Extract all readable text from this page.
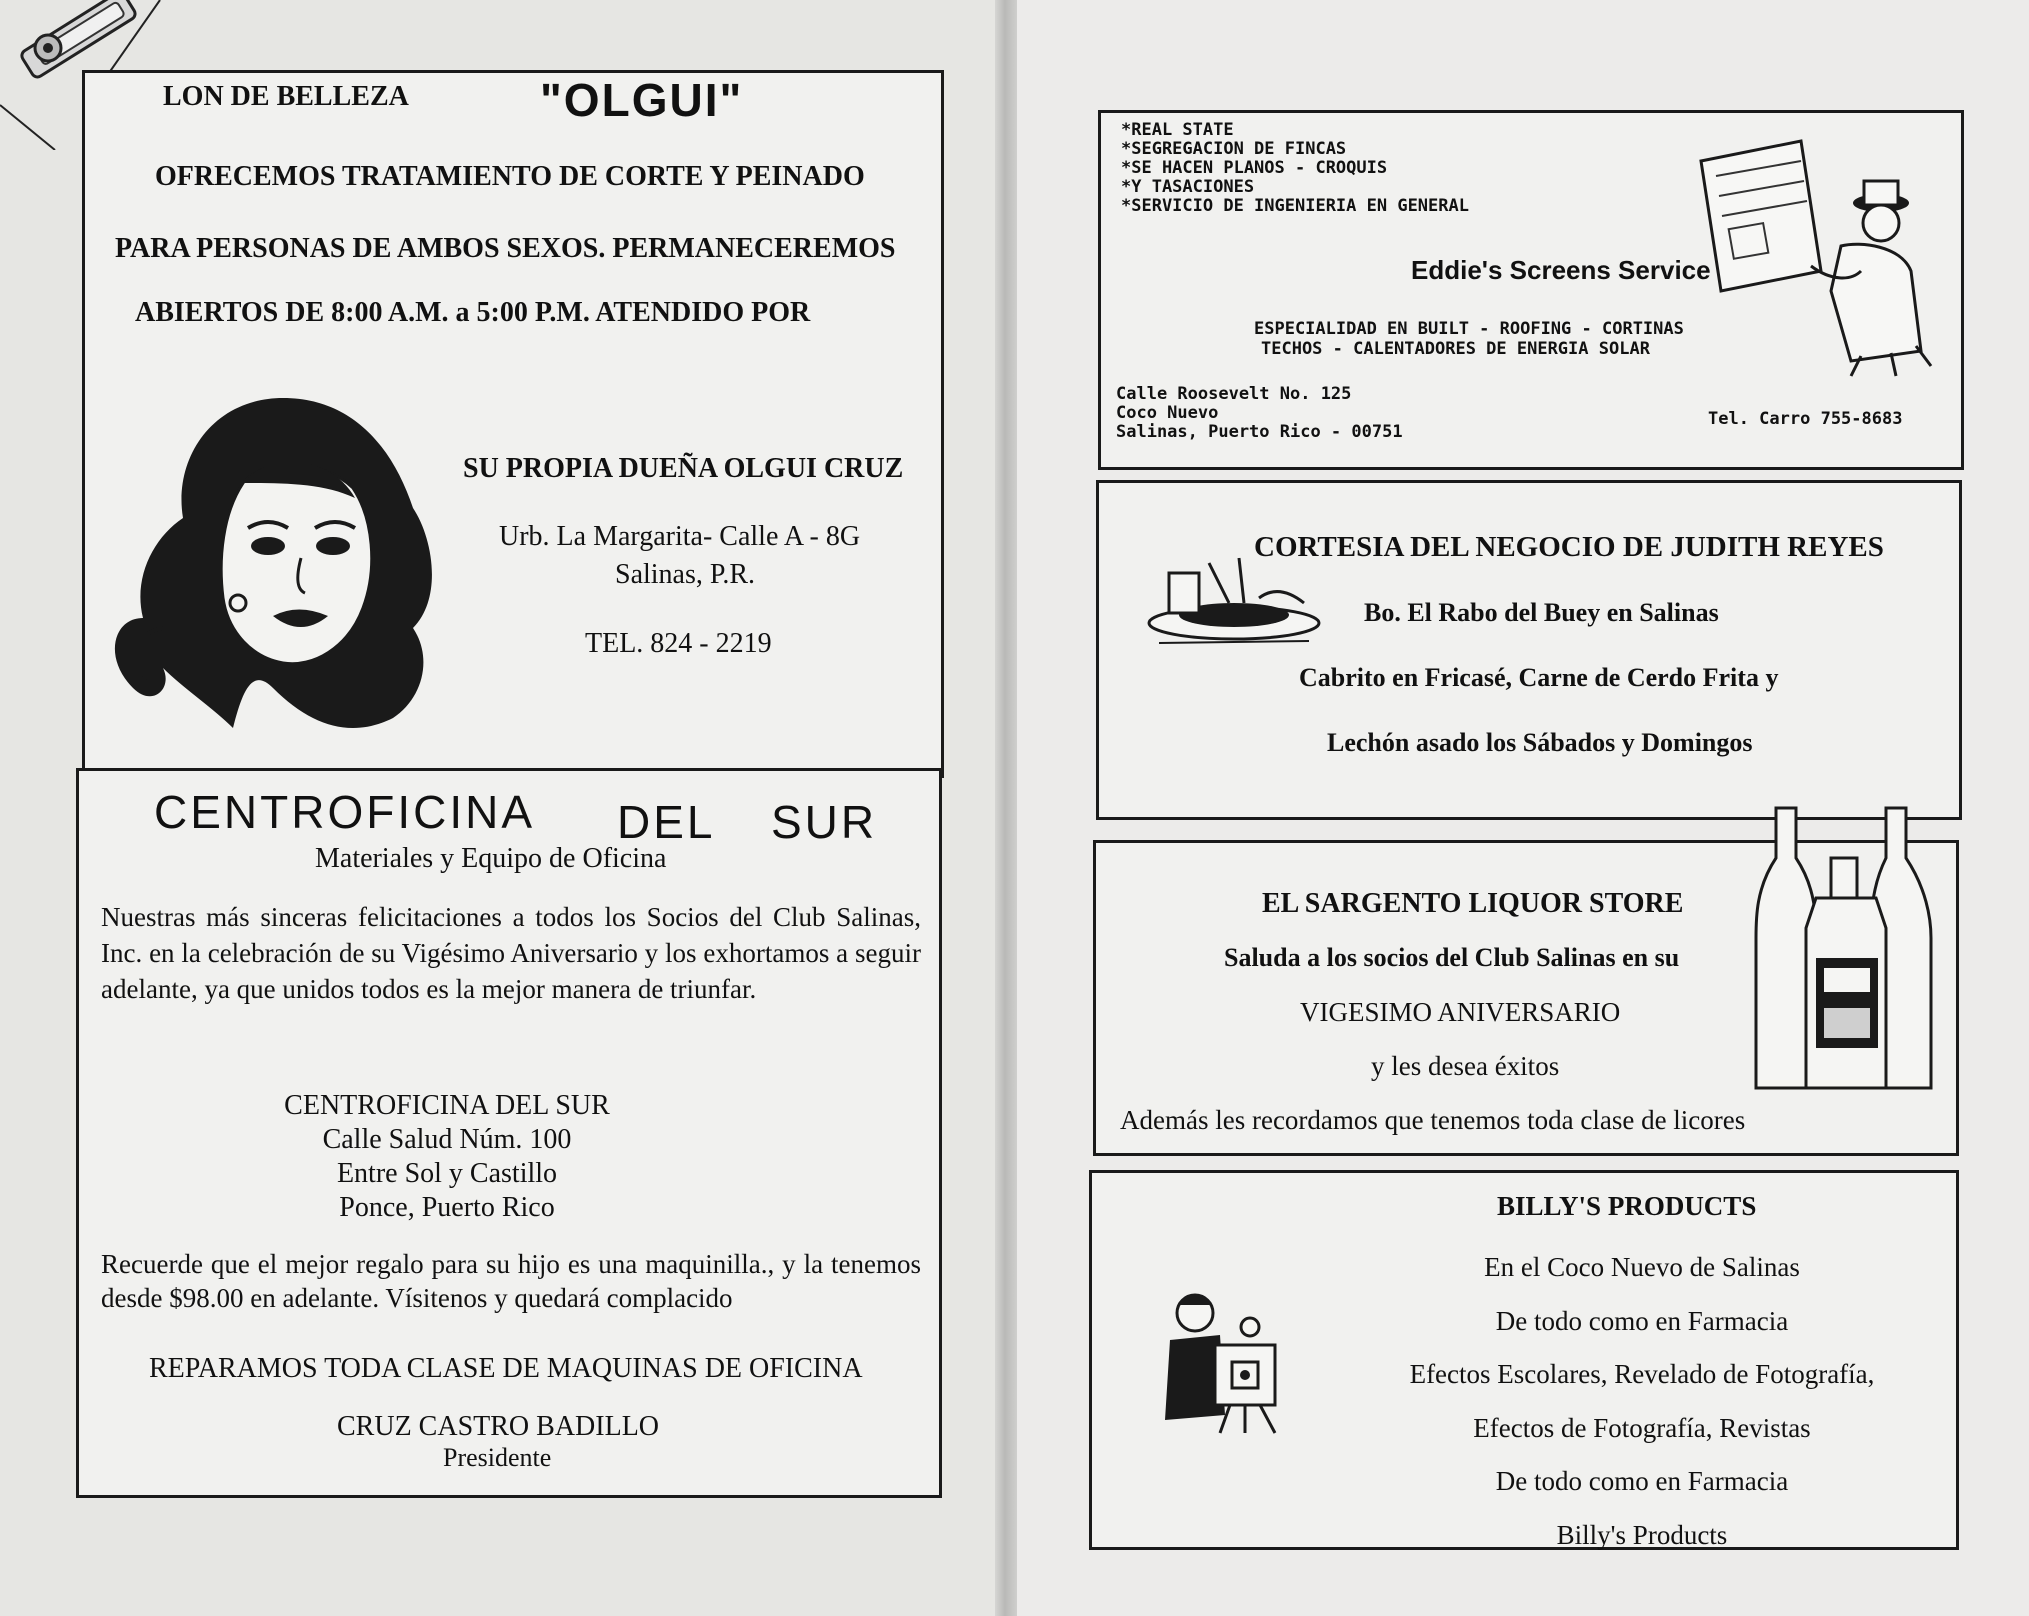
LON DE BELLEZA	"OLGUI"
OFRECEMOS TRATAMIENTO DE CORTE Y PEINADO
PARA PERSONAS DE AMBOS SEXOS. PERMANECEREMOS
ABIERTOS DE 8:00 A.M. a 5:00 P.M. ATENDIDO POR
SU PROPIA DUEÑA OLGUI CRUZ
Urb. La Margarita- Calle A - 8G
Salinas, P.R.
TEL. 824 - 2219
CENTROFICINA DEL SUR
Materiales y Equipo de Oficina
Nuestras más sinceras felicitaciones a todos los Socios del Club Salinas, Inc. en la celebración de su Vigésimo Aniversario y los exhortamos a seguir adelante, ya que unidos todos es la mejor manera de triunfar.
CENTROFICINA DEL SUR
Calle Salud Núm. 100
Entre Sol y Castillo
Ponce, Puerto Rico
Recuerde que el mejor regalo para su hijo es una maquinilla., y la tenemos desde $98.00 en adelante. Vísitenos y quedará complacido
REPARAMOS TODA CLASE DE MAQUINAS DE OFICINA
CRUZ CASTRO BADILLO
Presidente
*REAL STATE
*SEGREGACION DE FINCAS
*SE HACEN PLANOS - CROQUIS
*Y TASACIONES
*SERVICIO DE INGENIERIA EN GENERAL
Eddie's Screens Service
ESPECIALIDAD EN BUILT - ROOFING - CORTINAS
TECHOS - CALENTADORES DE ENERGIA SOLAR
Calle Roosevelt No. 125
Coco Nuevo
Salinas, Puerto Rico - 00751
Tel. Carro 755-8683
CORTESIA DEL NEGOCIO DE JUDITH REYES
Bo. El Rabo del Buey en Salinas
Cabrito en Fricasé, Carne de Cerdo Frita y
Lechón asado los Sábados y Domingos
EL SARGENTO LIQUOR STORE
Saluda a los socios del Club Salinas en su
VIGESIMO ANIVERSARIO
y les desea éxitos
Además les recordamos que tenemos toda clase de licores
BILLY'S PRODUCTS
En el Coco Nuevo de Salinas
De todo como en Farmacia
Efectos Escolares, Revelado de Fotografía,
Efectos de Fotografía, Revistas
De todo como en Farmacia
Billy's Products
